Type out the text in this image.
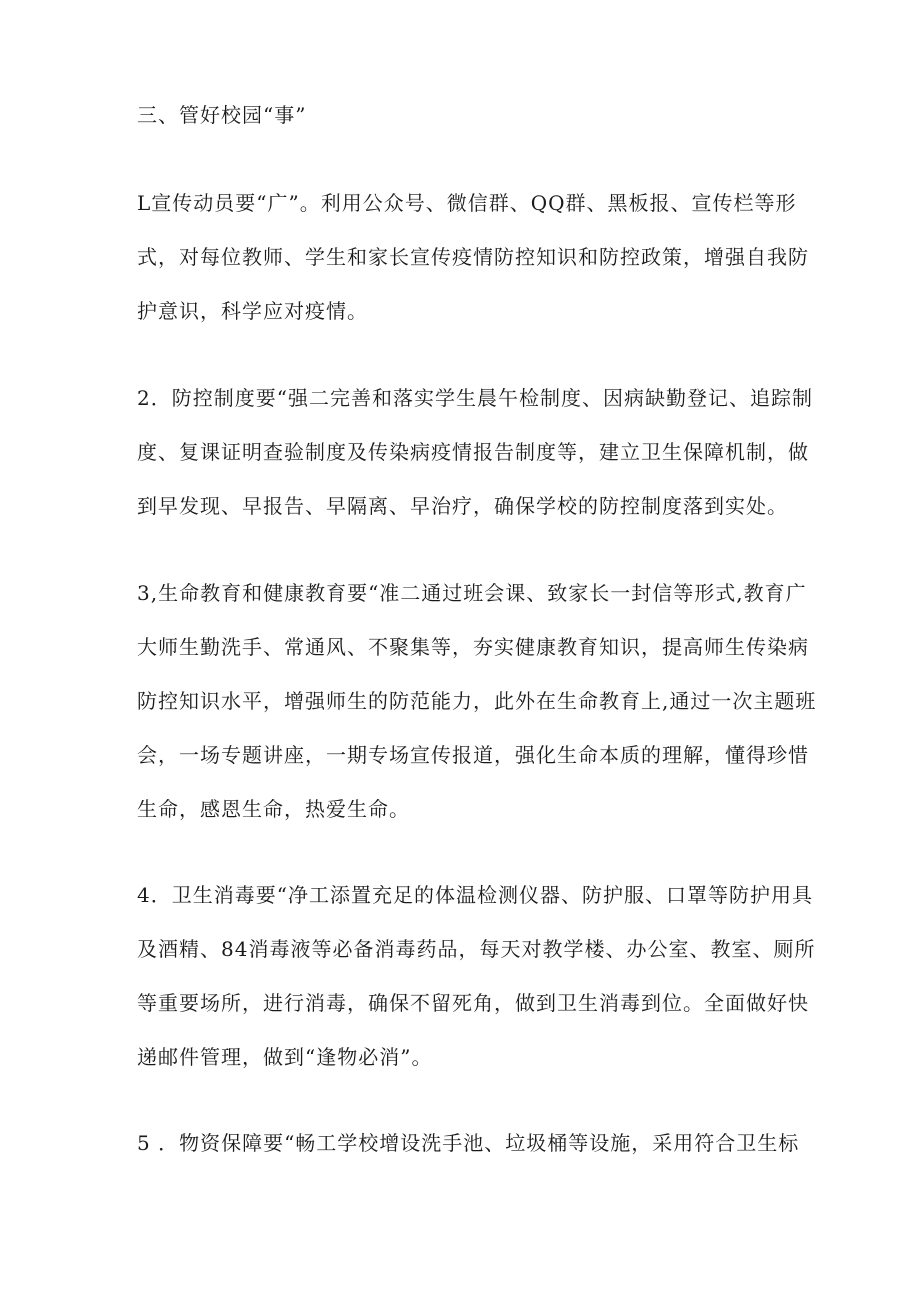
三、管好校园“事”
L宣传动员要“广”。利用公众号、微信群、QQ群、黑板报、宣传栏等形
式，对每位教师、学生和家长宣传疫情防控知识和防控政策，增强自我防
护意识，科学应对疫情。
2．防控制度要“强二完善和落实学生晨午检制度、因病缺勤登记、追踪制
度、复课证明查验制度及传染病疫情报告制度等，建立卫生保障机制，做
到早发现、早报告、早隔离、早治疗，确保学校的防控制度落到实处。
3,生命教育和健康教育要“准二通过班会课、致家长一封信等形式,教育广
大师生勤洗手、常通风、不聚集等，夯实健康教育知识，提高师生传染病
防控知识水平，增强师生的防范能力，此外在生命教育上,通过一次主题班
会，一场专题讲座，一期专场宣传报道，强化生命本质的理解，懂得珍惜
生命，感恩生命，热爱生命。
4．卫生消毒要“净工添置充足的体温检测仪器、防护服、口罩等防护用具
及酒精、84消毒液等必备消毒药品，每天对教学楼、办公室、教室、厕所
等重要场所，进行消毒，确保不留死角，做到卫生消毒到位。全面做好快
递邮件管理，做到“逢物必消”。
5 ．物资保障要“畅工学校增设洗手池、垃圾桶等设施，采用符合卫生标
